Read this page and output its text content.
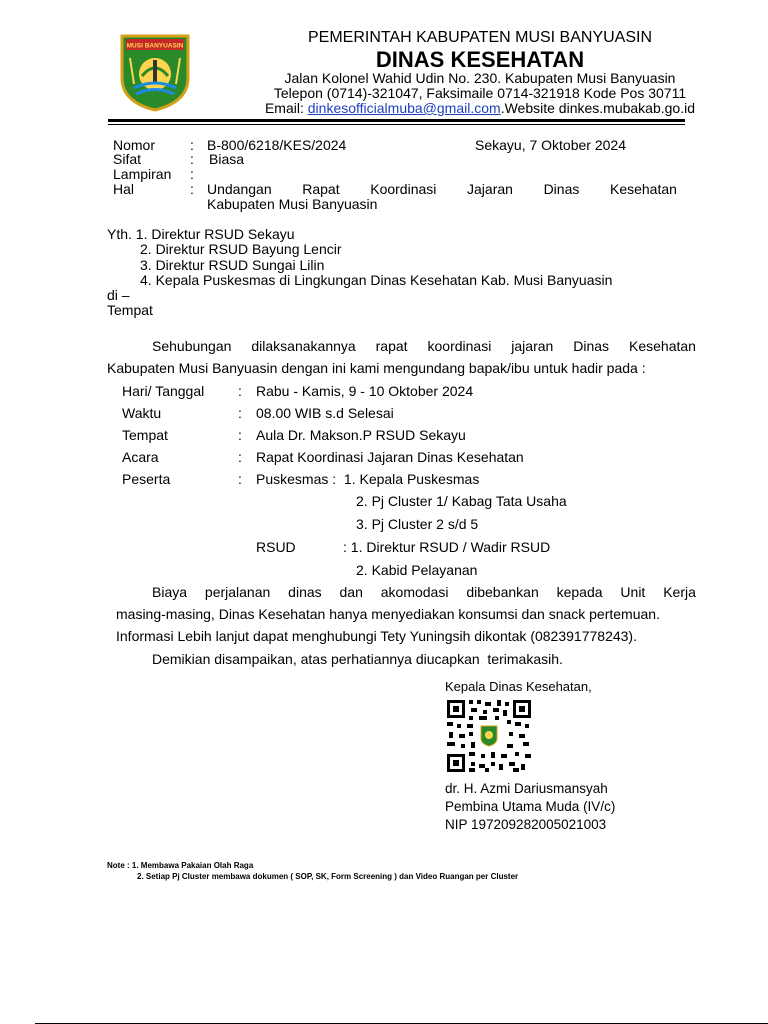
MUSI BANYUASIN	PEMERINTAH KABUPATEN MUSI BANYUASIN
DINAS KESEHATAN
Jalan Kolonel Wahid Udin No. 230. Kabupaten Musi Banyuasin
Telepon (0714)-321047, Faksimaile 0714-321918 Kode Pos 30711
Email: dinkesofficialmuba@gmail.com.Website dinkes.mubakab.go.id
Nomor : B-800/6218/KES/2024	Sekayu, 7 Oktober 2024
Sifat	: Biasa
Lampiran :
Hal	: Undangan Rapat Koordinasi Jajaran Dinas Kesehatan
Kabupaten Musi Banyuasin
Yth. 1. Direktur RSUD Sekayu
2. Direktur RSUD Bayung Lencir
3. Direktur RSUD Sungai Lilin
4. Kepala Puskesmas di Lingkungan Dinas Kesehatan Kab. Musi Banyuasin
di –
Tempat
Sehubungan dilaksanakannya rapat koordinasi jajaran Dinas Kesehatan
Kabupaten Musi Banyuasin dengan ini kami mengundang bapak/ibu untuk hadir pada :
Hari/ Tanggal : Rabu - Kamis, 9 - 10 Oktober 2024
Waktu	: 08.00 WIB s.d Selesai
Tempat	: Aula Dr. Makson.P RSUD Sekayu
Acara	: Rapat Koordinasi Jajaran Dinas Kesehatan
Peserta	: Puskesmas :  1. Kepala Puskesmas
2. Pj Cluster 1/ Kabag Tata Usaha
3. Pj Cluster 2 s/d 5
RSUD	: 1. Direktur RSUD / Wadir RSUD
2. Kabid Pelayanan
Biaya perjalanan dinas dan akomodasi dibebankan kepada Unit Kerja
masing-masing, Dinas Kesehatan hanya menyediakan konsumsi dan snack pertemuan.
Informasi Lebih lanjut dapat menghubungi Tety Yuningsih dikontak (082391778243).
Demikian disampaikan, atas perhatiannya diucapkan  terimakasih.
Kepala Dinas Kesehatan,
dr. H. Azmi Dariusmansyah
Pembina Utama Muda (IV/c)
NIP 197209282005021003
Note : 1. Membawa Pakaian Olah Raga
2. Setiap Pj Cluster membawa dokumen ( SOP, SK, Form Screening ) dan Video Ruangan per Cluster
